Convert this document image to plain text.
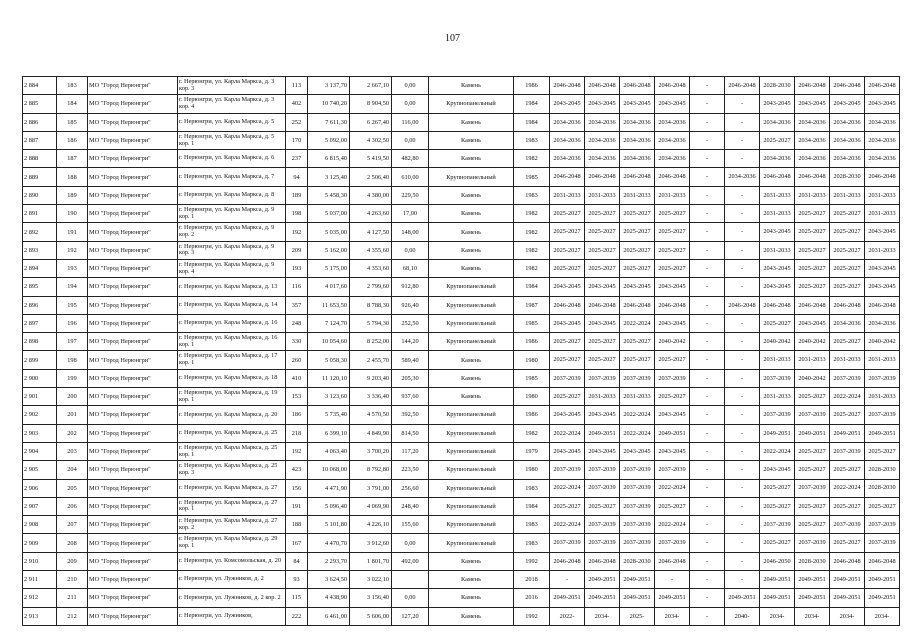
107
2 884	183	МО "Город Нерюнгри"	г. Нерюнгри, ул. Карла Маркса, д. 3 кор. 3	113	3 137,70	2 667,10	0,00	Камень	1986	2046-2048	2046-2048	2046-2048	2046-2048	-	2046-2048	2028-2030	2046-2048	2046-2048	2046-2048
2 885	184	МО "Город Нерюнгри"	г. Нерюнгри, ул. Карла Маркса, д. 3 кор. 4	402	10 740,20	8 904,50	0,00	Крупнопанельный	1984	2043-2045	2043-2045	2043-2045	2043-2045	-	-	2043-2045	2043-2045	2043-2045	2043-2045
2 886	185	МО "Город Нерюнгри"	г. Нерюнгри, ул. Карла Маркса, д. 5	252	7 611,30	6 267,40	116,00	Камень	1984	2034-2036	2034-2036	2034-2036	2034-2036	-	-	2034-2036	2034-2036	2034-2036	2034-2036
2 887	186	МО "Город Нерюнгри"	г. Нерюнгри, ул. Карла Маркса, д. 5 кор. 1	170	5 092,00	4 302,50	0,00	Камень	1983	2034-2036	2034-2036	2034-2036	2034-2036	-	-	2025-2027	2034-2036	2034-2036	2034-2036
2 888	187	МО "Город Нерюнгри"	г. Нерюнгри, ул. Карла Маркса, д. 6	237	6 815,40	5 419,50	482,80	Камень	1982	2034-2036	2034-2036	2034-2036	2034-2036	-	-	2034-2036	2034-2036	2034-2036	2034-2036
2 889	188	МО "Город Нерюнгри"	г. Нерюнгри, ул. Карла Маркса, д. 7	94	3 125,40	2 506,40	610,00	Крупнопанельный	1985	2046-2048	2046-2048	2046-2048	2046-2048	-	2034-2036	2046-2048	2046-2048	2028-2030	2046-2048
2 890	189	МО "Город Нерюнгри"	г. Нерюнгри, ул. Карла Маркса, д. 8	189	5 458,30	4 380,00	229,50	Камень	1983	2031-2033	2031-2033	2031-2033	2031-2033	-	-	2031-2033	2031-2033	2031-2033	2031-2033
2 891	190	МО "Город Нерюнгри"	г. Нерюнгри, ул. Карла Маркса, д. 9 кор. 1	198	5 037,00	4 263,60	17,00	Камень	1982	2025-2027	2025-2027	2025-2027	2025-2027	-	-	2031-2033	2025-2027	2025-2027	2031-2033
2 892	191	МО "Город Нерюнгри"	г. Нерюнгри, ул. Карла Маркса, д. 9 кор. 2	192	5 035,00	4 127,50	148,00	Камень	1982	2025-2027	2025-2027	2025-2027	2025-2027	-	-	2043-2045	2025-2027	2025-2027	2043-2045
2 893	192	МО "Город Нерюнгри"	г. Нерюнгри, ул. Карла Маркса, д. 9 кор. 3	209	5 162,00	4 355,60	0,00	Камень	1982	2025-2027	2025-2027	2025-2027	2025-2027	-	-	2031-2033	2025-2027	2025-2027	2031-2033
2 894	193	МО "Город Нерюнгри"	г. Нерюнгри, ул. Карла Маркса, д. 9 кор. 4	193	5 175,00	4 353,60	68,10	Камень	1982	2025-2027	2025-2027	2025-2027	2025-2027	-	-	2043-2045	2025-2027	2025-2027	2043-2045
2 895	194	МО "Город Нерюнгри"	г. Нерюнгри, ул. Карла Маркса, д. 13	116	4 017,60	2 799,60	912,80	Крупнопанельный	1984	2043-2045	2043-2045	2043-2045	2043-2045	-	-	2043-2045	2025-2027	2025-2027	2043-2045
2 896	195	МО "Город Нерюнгри"	г. Нерюнгри, ул. Карла Маркса, д. 14	357	11 653,50	8 788,30	926,40	Крупнопанельный	1987	2046-2048	2046-2048	2046-2048	2046-2048	-	2046-2048	2046-2048	2046-2048	2046-2048	2046-2048
2 897	196	МО "Город Нерюнгри"	г. Нерюнгри, ул. Карла Маркса, д. 16	248	7 124,70	5 794,30	252,50	Крупнопанельный	1985	2043-2045	2043-2045	2022-2024	2043-2045	-	-	2025-2027	2043-2045	2034-2036	2034-2036
2 898	197	МО "Город Нерюнгри"	г. Нерюнгри, ул. Карла Маркса, д. 16 кор. 1	330	10 054,60	8 252,00	144,20	Крупнопанельный	1986	2025-2027	2025-2027	2025-2027	2040-2042	-	-	2040-2042	2040-2042	2025-2027	2040-2042
2 899	198	МО "Город Нерюнгри"	г. Нерюнгри, ул. Карла Маркса, д. 17 кор. 1	260	5 058,30	2 455,70	589,40	Камень	1980	2025-2027	2025-2027	2025-2027	2025-2027	-	-	2031-2033	2031-2033	2031-2033	2031-2033
2 900	199	МО "Город Нерюнгри"	г. Нерюнгри, ул. Карла Маркса, д. 18	410	11 120,10	9 203,40	205,30	Камень	1985	2037-2039	2037-2039	2037-2039	2037-2039	-	-	2037-2039	2040-2042	2037-2039	2037-2039
2 901	200	МО "Город Нерюнгри"	г. Нерюнгри, ул. Карла Маркса, д. 19 кор. 1	153	3 123,60	3 336,40	937,60	Камень	1980	2025-2027	2031-2033	2031-2033	2025-2027	-	-	2031-2033	2025-2027	2022-2024	2031-2033
2 902	201	МО "Город Нерюнгри"	г. Нерюнгри, ул. Карла Маркса, д. 20	186	5 735,40	4 570,50	392,50	Крупнопанельный	1986	2043-2045	2043-2045	2022-2024	2043-2045	-	-	2037-2039	2037-2039	2025-2027	2037-2039
2 903	202	МО "Город Нерюнгри"	г. Нерюнгри, ул. Карла Маркса, д. 25	218	6 399,10	4 849,90	814,50	Крупнопанельный	1982	2022-2024	2049-2051	2022-2024	2049-2051	-	-	2049-2051	2049-2051	2049-2051	2049-2051
2 904	203	МО "Город Нерюнгри"	г. Нерюнгри, ул. Карла Маркса, д. 25 кор. 1	192	4 063,40	3 700,20	117,20	Крупнопанельный	1979	2043-2045	2043-2045	2043-2045	2043-2045	-	-	2022-2024	2025-2027	2037-2039	2025-2027
2 905	204	МО "Город Нерюнгри"	г. Нерюнгри, ул. Карла Маркса, д. 25 кор. 3	423	10 068,00	8 792,80	223,50	Крупнопанельный	1980	2037-2039	2037-2039	2037-2039	2037-2039	-	-	2043-2045	2025-2027	2025-2027	2028-2030
2 906	205	МО "Город Нерюнгри"	г. Нерюнгри, ул. Карла Маркса, д. 27	156	4 471,90	3 791,00	256,60	Крупнопанельный	1983	2022-2024	2037-2039	2037-2039	2022-2024	-	-	2025-2027	2037-2039	2022-2024	2028-2030
2 907	206	МО "Город Нерюнгри"	г. Нерюнгри, ул. Карла Маркса, д. 27 кор. 1	191	5 096,40	4 069,90	248,40	Крупнопанельный	1984	2025-2027	2025-2027	2037-2039	2025-2027	-	-	2025-2027	2025-2027	2025-2027	2025-2027
2 908	207	МО "Город Нерюнгри"	г. Нерюнгри, ул. Карла Маркса, д. 27 кор. 2	188	5 101,80	4 226,10	155,60	Крупнопанельный	1983	2022-2024	2037-2039	2037-2039	2022-2024	-	-	2037-2039	2025-2027	2037-2039	2037-2039
2 909	208	МО "Город Нерюнгри"	г. Нерюнгри, ул. Карла Маркса, д. 29 кор. 1	167	4 470,70	3 912,60	0,00	Крупнопанельный	1983	2037-2039	2037-2039	2037-2039	2037-2039	-	-	2025-2027	2037-2039	2025-2027	2037-2039
2 910	209	МО "Город Нерюнгри"	г. Нерюнгри, ул. Комсомольская, д. 20	84	2 293,70	1 801,70	492,00	Камень	1992	2046-2048	2046-2048	2028-2030	2046-2048	-	-	2046-2050	2028-2030	2046-2048	2046-2048
2 911	210	МО "Город Нерюнгри"	г. Нерюнгри, ул. Лужников, д. 2	93	3 624,50	3 022,10		Камень	2018	-	2049-2051	2049-2051	-	-	-	2049-2051	2049-2051	2049-2051	2049-2051
2 912	211	МО "Город Нерюнгри"	г. Нерюнгри, ул. Лужников, д. 2 кор. 2	115	4 438,90	3 156,40	0,00	Камень	2016	2049-2051	2049-2051	2049-2051	2049-2051	-	2049-2051	2049-2051	2049-2051	2049-2051	2049-2051
2 913	212	МО "Город Нерюнгри"	г. Нерюнгри, ул. Лужников,	222	6 461,00	5 606,00	127,20	Камень	1992	2022-	2034-	2025-	2034-	-	2040-	2034-	2034-	2034-	2034-
